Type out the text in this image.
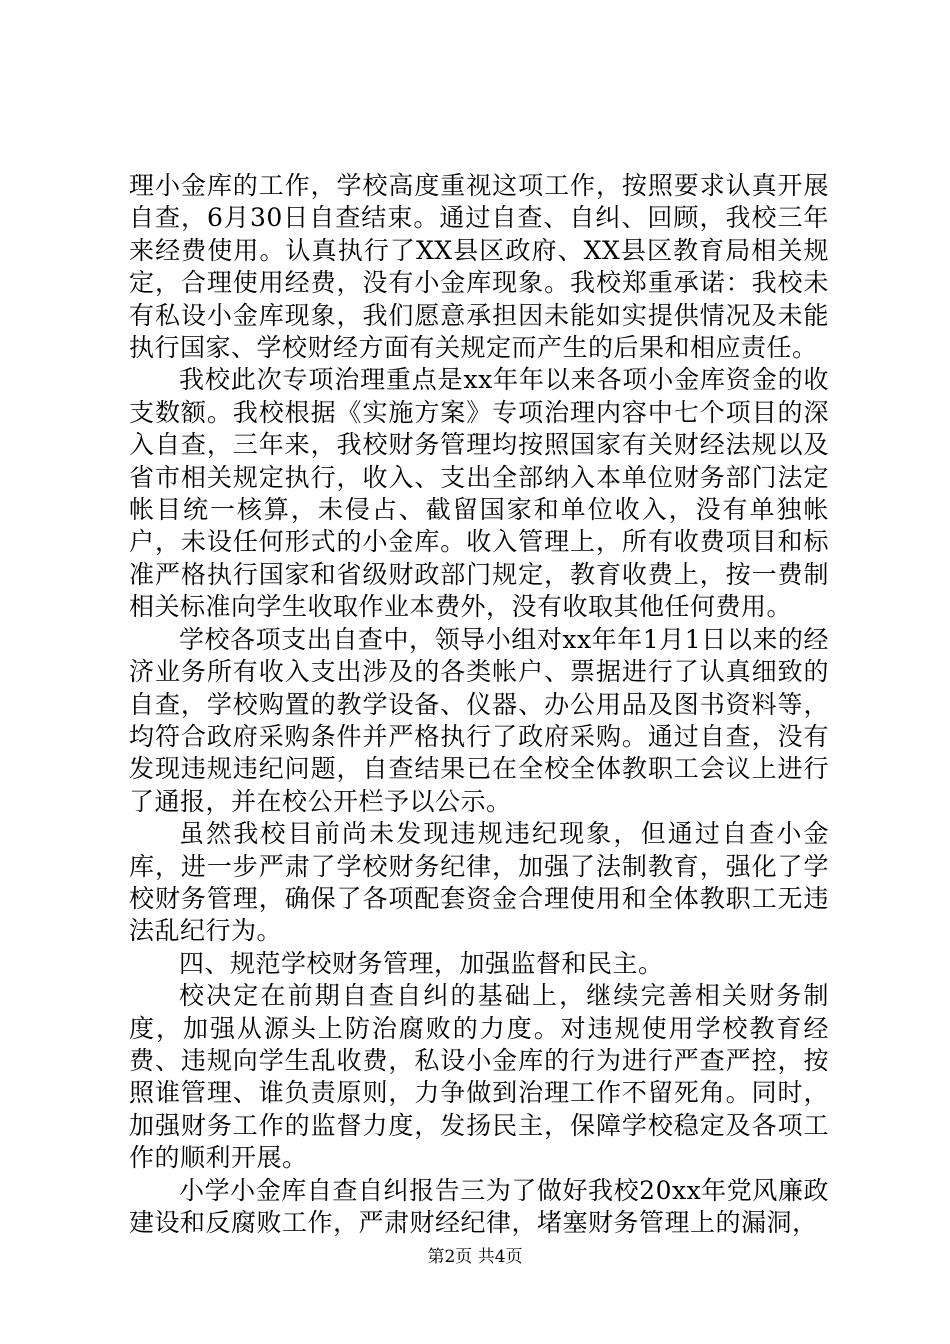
理小金库的工作，学校高度重视这项工作，按照要求认真开展自查，6月30日自查结束。通过自查、自纠、回顾，我校三年来经费使用。认真执行了XX县区政府、XX县区教育局相关规定，合理使用经费，没有小金库现象。我校郑重承诺：我校未有私设小金库现象，我们愿意承担因未能如实提供情况及未能执行国家、学校财经方面有关规定而产生的后果和相应责任。

我校此次专项治理重点是xx年年以来各项小金库资金的收支数额。我校根据《实施方案》专项治理内容中七个项目的深入自查，三年来，我校财务管理均按照国家有关财经法规以及省市相关规定执行，收入、支出全部纳入本单位财务部门法定帐目统一核算，未侵占、截留国家和单位收入，没有单独帐户，未设任何形式的小金库。收入管理上，所有收费项目和标准严格执行国家和省级财政部门规定，教育收费上，按一费制相关标准向学生收取作业本费外，没有收取其他任何费用。

学校各项支出自查中，领导小组对xx年年1月1日以来的经济业务所有收入支出涉及的各类帐户、票据进行了认真细致的自查，学校购置的教学设备、仪器、办公用品及图书资料等，均符合政府采购条件并严格执行了政府采购。通过自查，没有发现违规违纪问题，自查结果已在全校全体教职工会议上进行了通报，并在校公开栏予以公示。

虽然我校目前尚未发现违规违纪现象，但通过自查小金库，进一步严肃了学校财务纪律，加强了法制教育，强化了学校财务管理，确保了各项配套资金合理使用和全体教职工无违法乱纪行为。

四、规范学校财务管理，加强监督和民主。

校决定在前期自查自纠的基础上，继续完善相关财务制度，加强从源头上防治腐败的力度。对违规使用学校教育经费、违规向学生乱收费，私设小金库的行为进行严查严控，按照谁管理、谁负责原则，力争做到治理工作不留死角。同时，加强财务工作的监督力度，发扬民主，保障学校稳定及各项工作的顺利开展。

小学小金库自查自纠报告三为了做好我校20xx年党风廉政建设和反腐败工作，严肃财经纪律，堵塞财务管理上的漏洞，

第2页 共4页
